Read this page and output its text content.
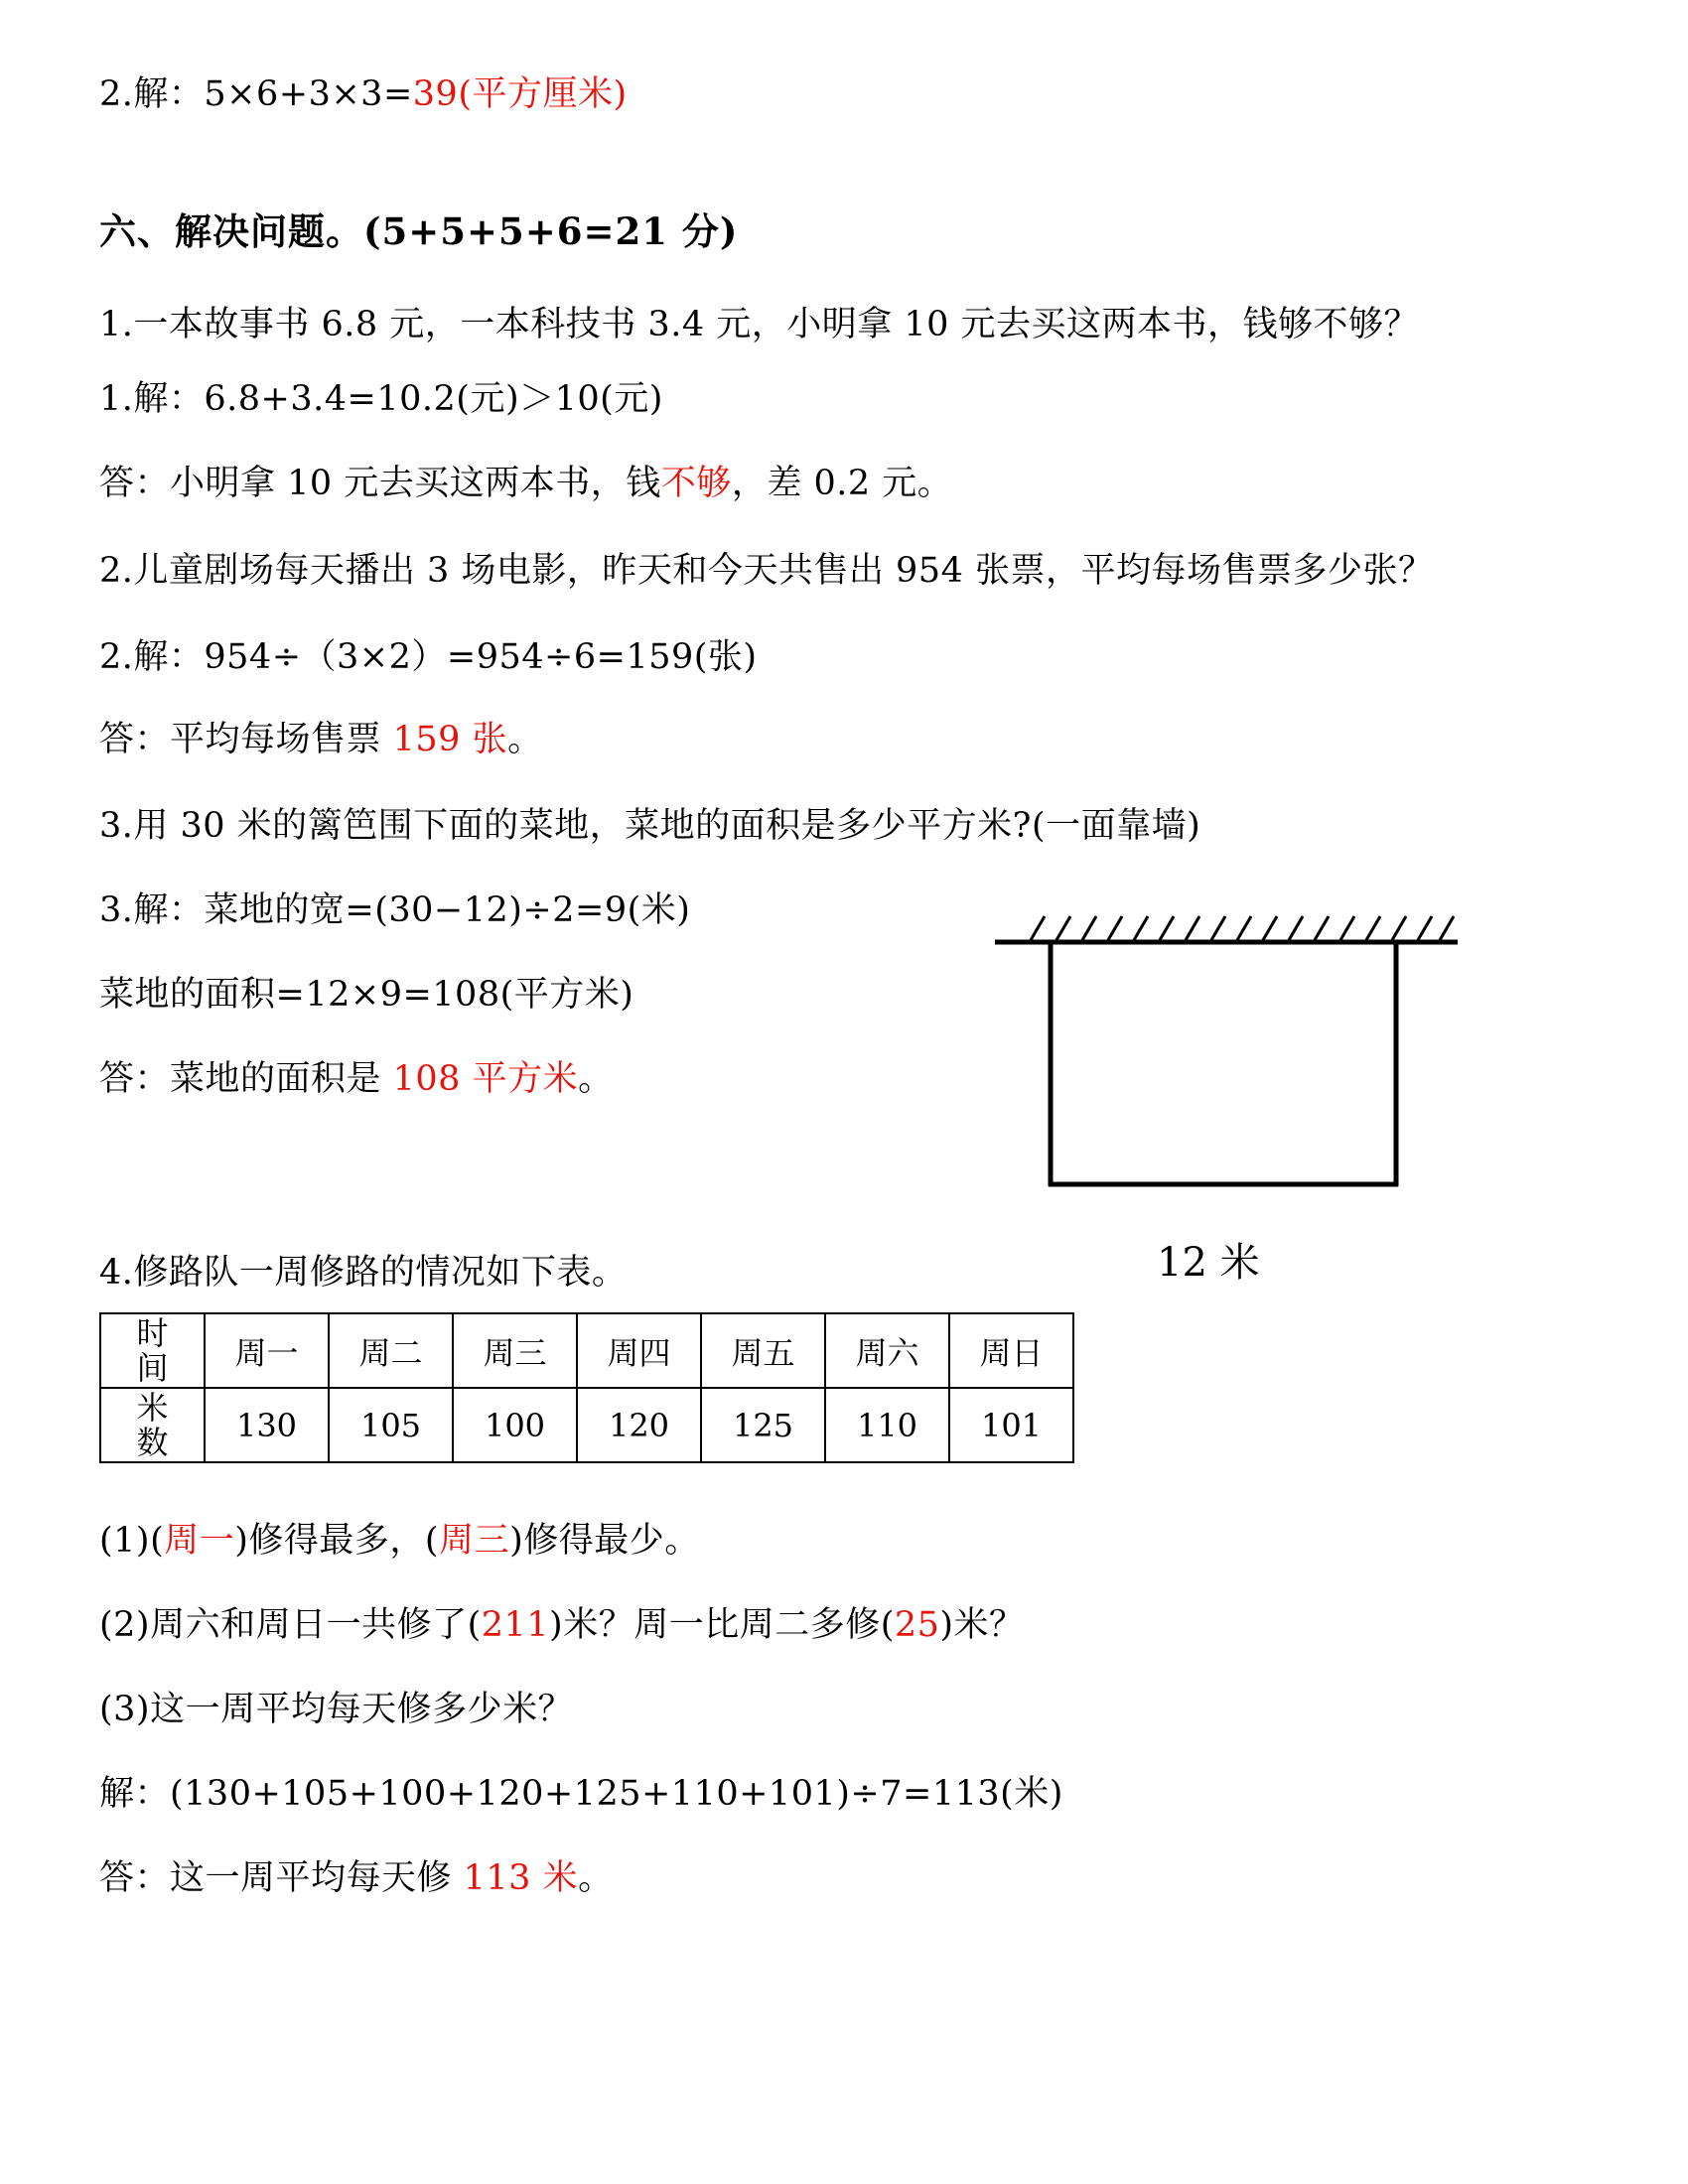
2.解：5×6+3×3=39(平方厘米)
六、解决问题。(5+5+5+6=21 分)
1.一本故事书 6.8 元，一本科技书 3.4 元，小明拿 10 元去买这两本书，钱够不够？
1.解：6.8+3.4=10.2(元)＞10(元)
答：小明拿 10 元去买这两本书，钱不够，差 0.2 元。
2.儿童剧场每天播出 3 场电影，昨天和今天共售出 954 张票，平均每场售票多少张？
2.解：954÷（3×2）=954÷6=159(张)
答：平均每场售票 159 张。
3.用 30 米的篱笆围下面的菜地，菜地的面积是多少平方米?(一面靠墙)
3.解：菜地的宽=(30−12)÷2=9(米)
菜地的面积=12×9=108(平方米)
答：菜地的面积是 108 平方米。
12 米
4.修路队一周修路的情况如下表。
时
间	周一	周二	周三	周四	周五	周六	周日

米
数	130	105	100	120	125	110	101
(1)(周一)修得最多，(周三)修得最少。
(2)周六和周日一共修了(211)米？周一比周二多修(25)米？
(3)这一周平均每天修多少米？
解：(130+105+100+120+125+110+101)÷7=113(米)
答：这一周平均每天修 113 米。
